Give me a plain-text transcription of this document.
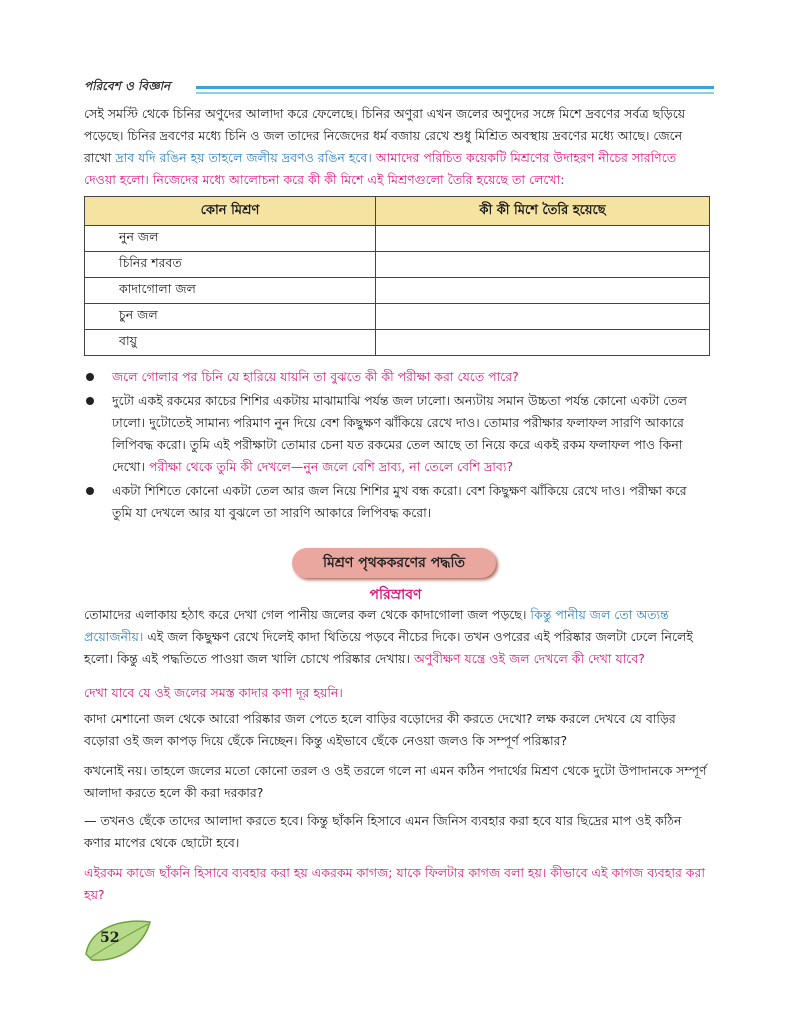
পরিবেশ ও বিজ্ঞান
সেই সমস্টি থেকে চিনির অণুদের আলাদা করে ফেলেছে। চিনির অণুরা এখন জলের অণুদের সঙ্গে মিশে দ্রবণের সর্বত্র ছড়িয়ে পড়েছে। চিনির দ্রবণের মধ্যে চিনি ও জল তাদের নিজেদের ধর্ম বজায় রেখে শুধু মিশ্রিত অবস্থায় দ্রবণের মধ্যে আছে। জেনে রাখো দ্রাব যদি রঙিন হয় তাহলে জলীয় দ্রবণও রঙিন হবে। আমাদের পরিচিত কয়েকটি মিশ্রণের উদাহরণ নীচের সারণিতে দেওয়া হলো। নিজেদের মধ্যে আলোচনা করে কী কী মিশে এই মিশ্রণগুলো তৈরি হয়েছে তা লেখো:
কোন মিশ্রণ	কী কী মিশে তৈরি হয়েছে
নুন জল	
চিনির শরবত	
কাদাগোলা জল	
চুন জল	
বায়ু	
জলে গোলার পর চিনি যে হারিয়ে যায়নি তা বুঝতে কী কী পরীক্ষা করা যেতে পারে?
দুটো একই রকমের কাচের শিশির একটায় মাঝামাঝি পর্যন্ত জল ঢালো। অন্যটায় সমান উচ্চতা পর্যন্ত কোনো একটা তেল ঢালো। দুটোতেই সামান্য পরিমাণ নুন দিয়ে বেশ কিছুক্ষণ ঝাঁকিয়ে রেখে দাও। তোমার পরীক্ষার ফলাফল সারণি আকারে লিপিবদ্ধ করো। তুমি এই পরীক্ষাটা তোমার চেনা যত রকমের তেল আছে তা নিয়ে করে একই রকম ফলাফল পাও কিনা দেখো। পরীক্ষা থেকে তুমি কী দেখলে—নুন জলে বেশি দ্রাব্য, না তেলে বেশি দ্রাব্য?
একটা শিশিতে কোনো একটা তেল আর জল নিয়ে শিশির মুখ বন্ধ করো। বেশ কিছুক্ষণ ঝাঁকিয়ে রেখে দাও। পরীক্ষা করে তুমি যা দেখলে আর যা বুঝলে তা সারণি আকারে লিপিবদ্ধ করো।
মিশ্রণ পৃথককরণের পদ্ধতি
পরিস্রাবণ
তোমাদের এলাকায় হঠাৎ করে দেখা গেল পানীয় জলের কল থেকে কাদাগোলা জল পড়ছে। কিন্তু পানীয় জল তো অত্যন্ত প্রয়োজনীয়। এই জল কিছুক্ষণ রেখে দিলেই কাদা থিতিয়ে পড়বে নীচের দিকে। তখন ওপরের এই পরিষ্কার জলটা ঢেলে নিলেই হলো। কিন্তু এই পদ্ধতিতে পাওয়া জল খালি চোখে পরিষ্কার দেখায়। অণুবীক্ষণ যন্ত্রে ওই জল দেখলে কী দেখা যাবে?
দেখা যাবে যে ওই জলের সমস্ত কাদার কণা দূর হয়নি।
কাদা মেশানো জল থেকে আরো পরিষ্কার জল পেতে হলে বাড়ির বড়োদের কী করতে দেখো? লক্ষ করলে দেখবে যে বাড়ির বড়োরা ওই জল কাপড় দিয়ে ছেঁকে নিচ্ছেন। কিন্তু এইভাবে ছেঁকে নেওয়া জলও কি সম্পূর্ণ পরিষ্কার?
কখনোই নয়। তাহলে জলের মতো কোনো তরল ও ওই তরলে গলে না এমন কঠিন পদার্থের মিশ্রণ থেকে দুটো উপাদানকে সম্পূর্ণ আলাদা করতে হলে কী করা দরকার?
— তখনও ছেঁকে তাদের আলাদা করতে হবে। কিন্তু ছাঁকনি হিসাবে এমন জিনিস ব্যবহার করা হবে যার ছিদ্রের মাপ ওই কঠিন কণার মাপের থেকে ছোটো হবে।
এইরকম কাজে ছাঁকনি হিসাবে ব্যবহার করা হয় একরকম কাগজ; যাকে ফিলটার কাগজ বলা হয়। কীভাবে এই কাগজ ব্যবহার করা হয়?
52
